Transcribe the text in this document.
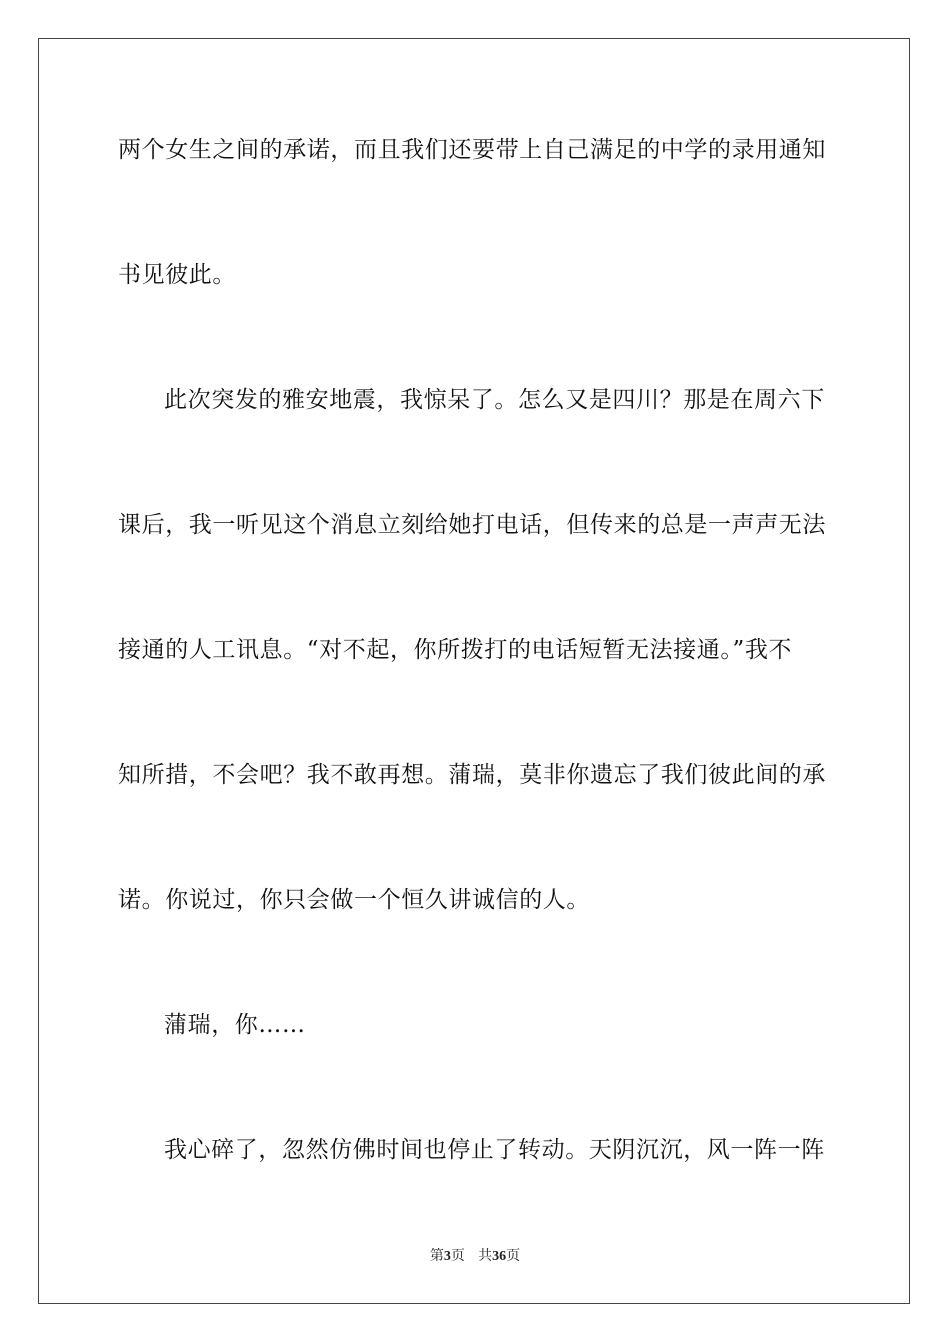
两个女生之间的承诺，而且我们还要带上自己满足的中学的录用通知
书见彼此。
此次突发的雅安地震，我惊呆了。怎么又是四川？那是在周六下
课后，我一听见这个消息立刻给她打电话，但传来的总是一声声无法
接通的人工讯息。“对不起，你所拨打的电话短暂无法接通。”我不
知所措，不会吧？我不敢再想。蒲瑞，莫非你遗忘了我们彼此间的承
诺。你说过，你只会做一个恒久讲诚信的人。
蒲瑞，你……
我心碎了，忽然仿佛时间也停止了转动。天阴沉沉，风一阵一阵
第3页 共36页
